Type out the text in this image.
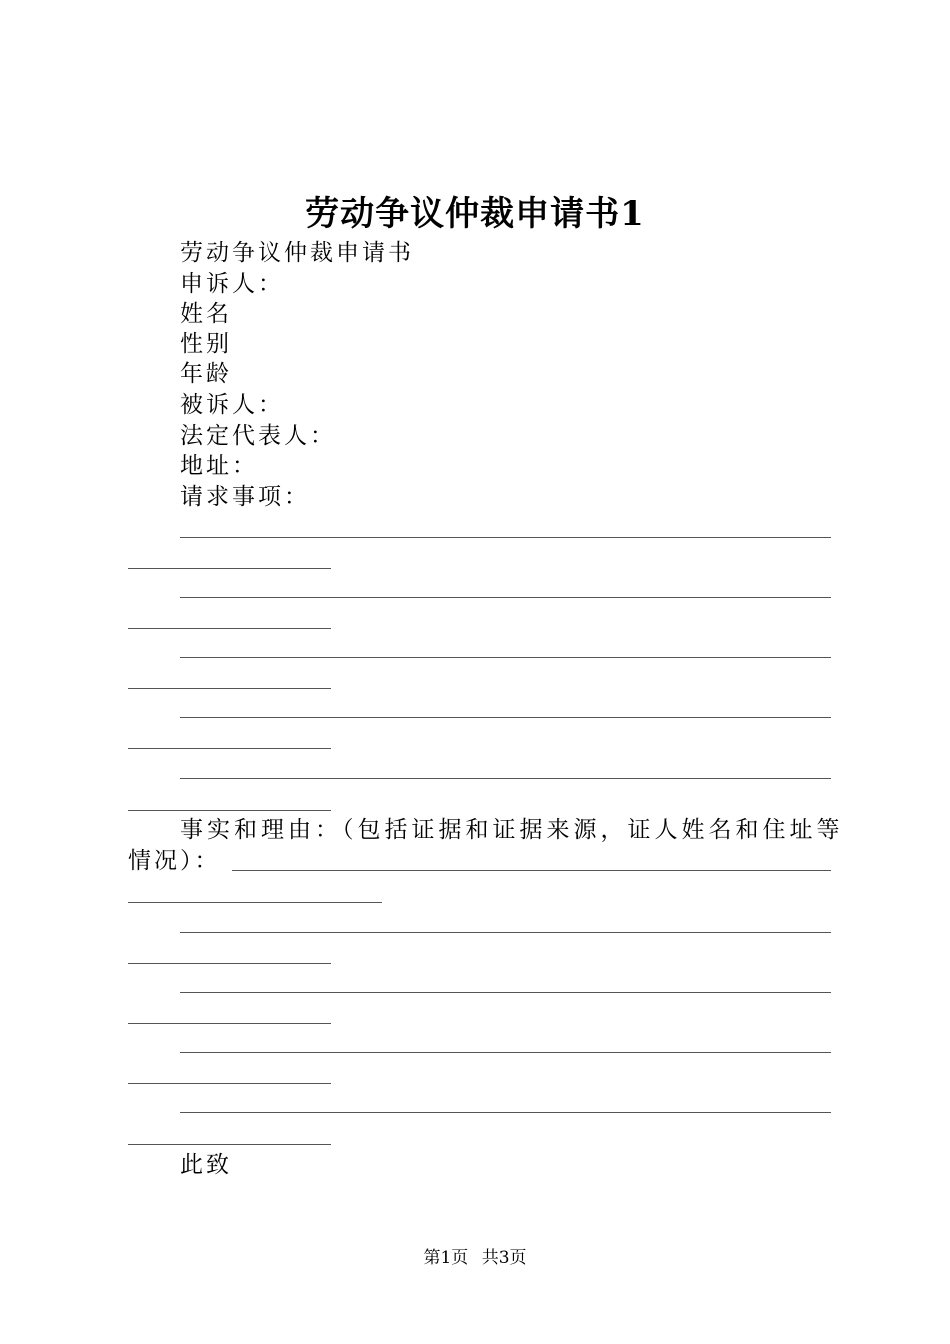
劳动争议仲裁申请书1
劳动争议仲裁申请书
申诉人：
姓名
性别
年龄
被诉人：
法定代表人：
地址：
请求事项：
事实和理由：（包括证据和证据来源，证人姓名和住址等
情况）：
此致
第1页 共3页
